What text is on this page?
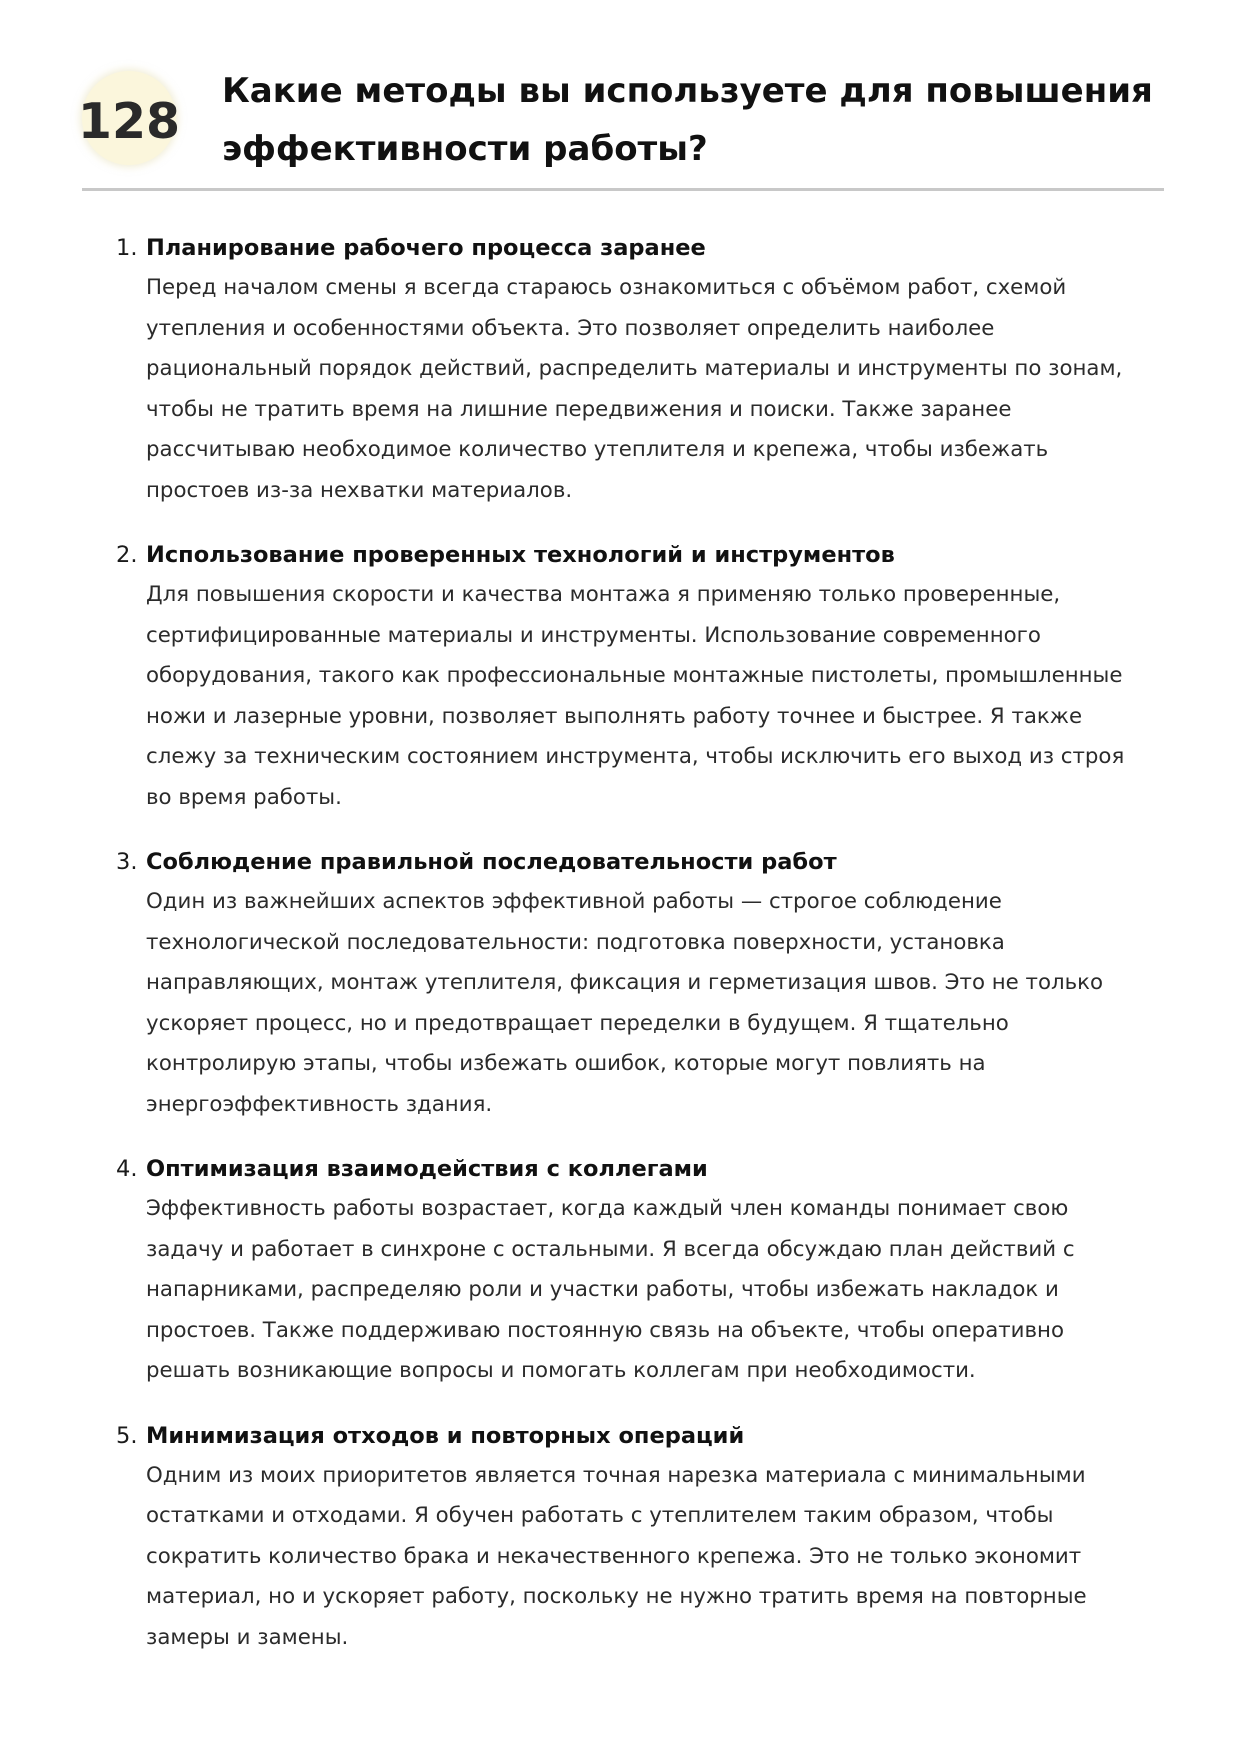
128
Какие методы вы используете для повышения эффективности работы?
1. Планирование рабочего процесса заранее
Перед началом смены я всегда стараюсь ознакомиться с объёмом работ, схемой утепления и особенностями объекта. Это позволяет определить наиболее рациональный порядок действий, распределить материалы и инструменты по зонам, чтобы не тратить время на лишние передвижения и поиски. Также заранее рассчитываю необходимое количество утеплителя и крепежа, чтобы избежать простоев из-за нехватки материалов.
2. Использование проверенных технологий и инструментов
Для повышения скорости и качества монтажа я применяю только проверенные, сертифицированные материалы и инструменты. Использование современного оборудования, такого как профессиональные монтажные пистолеты, промышленные ножи и лазерные уровни, позволяет выполнять работу точнее и быстрее. Я также слежу за техническим состоянием инструмента, чтобы исключить его выход из строя во время работы.
3. Соблюдение правильной последовательности работ
Один из важнейших аспектов эффективной работы — строгое соблюдение технологической последовательности: подготовка поверхности, установка направляющих, монтаж утеплителя, фиксация и герметизация швов. Это не только ускоряет процесс, но и предотвращает переделки в будущем. Я тщательно контролирую этапы, чтобы избежать ошибок, которые могут повлиять на энергоэффективность здания.
4. Оптимизация взаимодействия с коллегами
Эффективность работы возрастает, когда каждый член команды понимает свою задачу и работает в синхроне с остальными. Я всегда обсуждаю план действий с напарниками, распределяю роли и участки работы, чтобы избежать накладок и простоев. Также поддерживаю постоянную связь на объекте, чтобы оперативно решать возникающие вопросы и помогать коллегам при необходимости.
5. Минимизация отходов и повторных операций
Одним из моих приоритетов является точная нарезка материала с минимальными остатками и отходами. Я обучен работать с утеплителем таким образом, чтобы сократить количество брака и некачественного крепежа. Это не только экономит материал, но и ускоряет работу, поскольку не нужно тратить время на повторные замеры и замены.
